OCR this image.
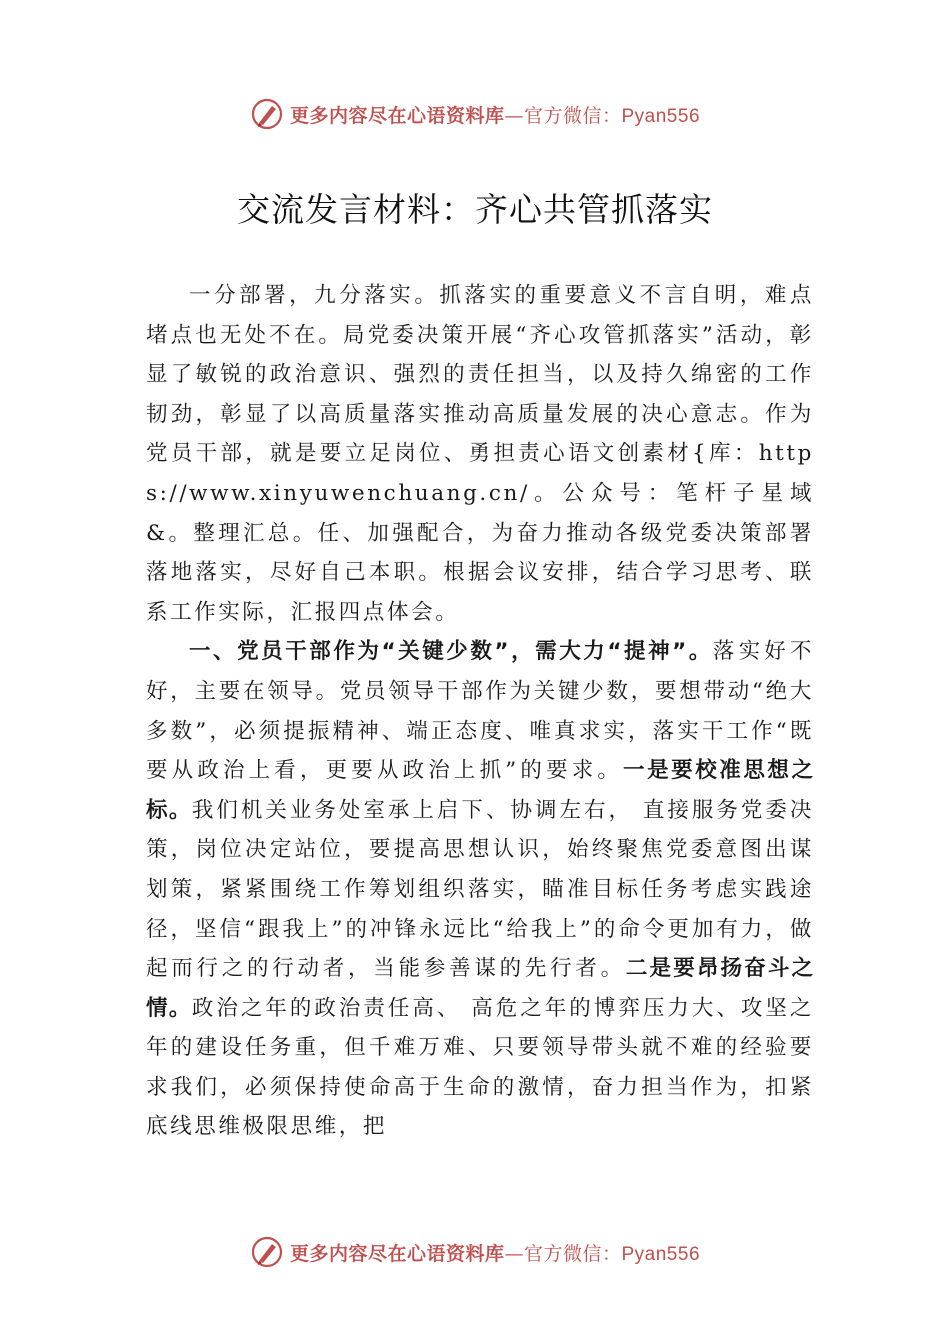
更多内容尽在心语资料库—官方微信：Pyan556
交流发言材料：齐心共管抓落实

一分部署，九分落实。抓落实的重要意义不言自明，难点堵点也无处不在。局党委决策开展“齐心攻管抓落实”活动，彰显了敏锐的政治意识、强烈的责任担当，以及持久绵密的工作韧劲，彰显了以高质量落实推动高质量发展的决心意志。作为党员干部，就是要立足岗位、勇担责心语文创素材{库：https://www.xinyuwenchuang.cn/。公众号：笔杆子星域&。整理汇总。任、加强配合，为奋力推动各级党委决策部署落地落实，尽好自己本职。根据会议安排，结合学习思考、联系工作实际，汇报四点体会。

一、党员干部作为“关键少数”，需大力“提神”。落实好不好，主要在领导。党员领导干部作为关键少数，要想带动“绝大多数”，必须提振精神、端正态度、唯真求实，落实干工作“既要从政治上看，更要从政治上抓”的要求。一是要校准思想之标。我们机关业务处室承上启下、协调左右， 直接服务党委决策，岗位决定站位，要提高思想认识，始终聚焦党委意图出谋划策，紧紧围绕工作筹划组织落实，瞄准目标任务考虑实践途径，坚信“跟我上”的冲锋永远比“给我上”的命令更加有力，做起而行之的行动者，当能参善谋的先行者。二是要昂扬奋斗之情。政治之年的政治责任高、 高危之年的博弈压力大、攻坚之年的建设任务重，但千难万难、只要领导带头就不难的经验要求我们，必须保持使命高于生命的激情，奋力担当作为，扣紧底线思维极限思维，把

更多内容尽在心语资料库—官方微信：Pyan556
